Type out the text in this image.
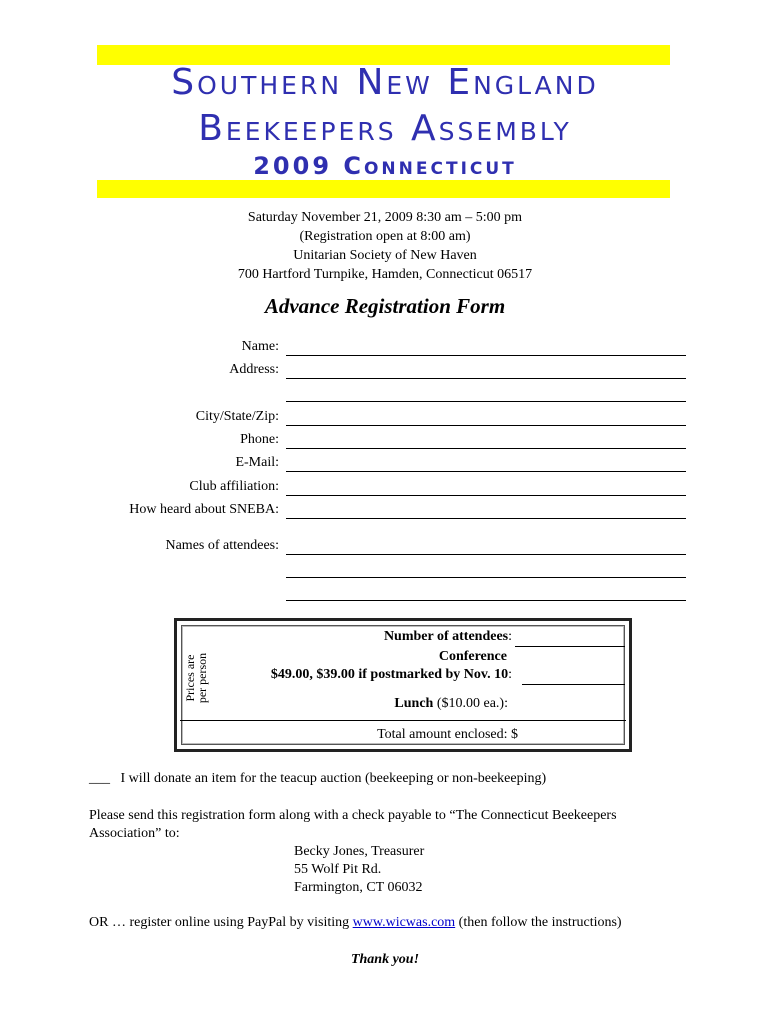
Southern New England
Beekeepers Assembly
2009 Connecticut
Saturday November 21, 2009 8:30 am – 5:00 pm
(Registration open at 8:00 am)
Unitarian Society of New Haven
700 Hartford Turnpike, Hamden, Connecticut 06517
Advance Registration Form
Name:
Address:
City/State/Zip:
Phone:
E-Mail:
Club affiliation:
How heard about SNEBA:
Names of attendees:
Prices are
per person
Number of attendees:
Conference
$49.00, $39.00 if postmarked by Nov. 10:
Lunch ($10.00 ea.):
Total amount enclosed: $
___ I will donate an item for the teacup auction (beekeeping or non-beekeeping)
Please send this registration form along with a check payable to “The Connecticut Beekeepers
Association” to:
Becky Jones, Treasurer
55 Wolf Pit Rd.
Farmington, CT 06032
OR … register online using PayPal by visiting www.wicwas.com (then follow the instructions)
Thank you!
